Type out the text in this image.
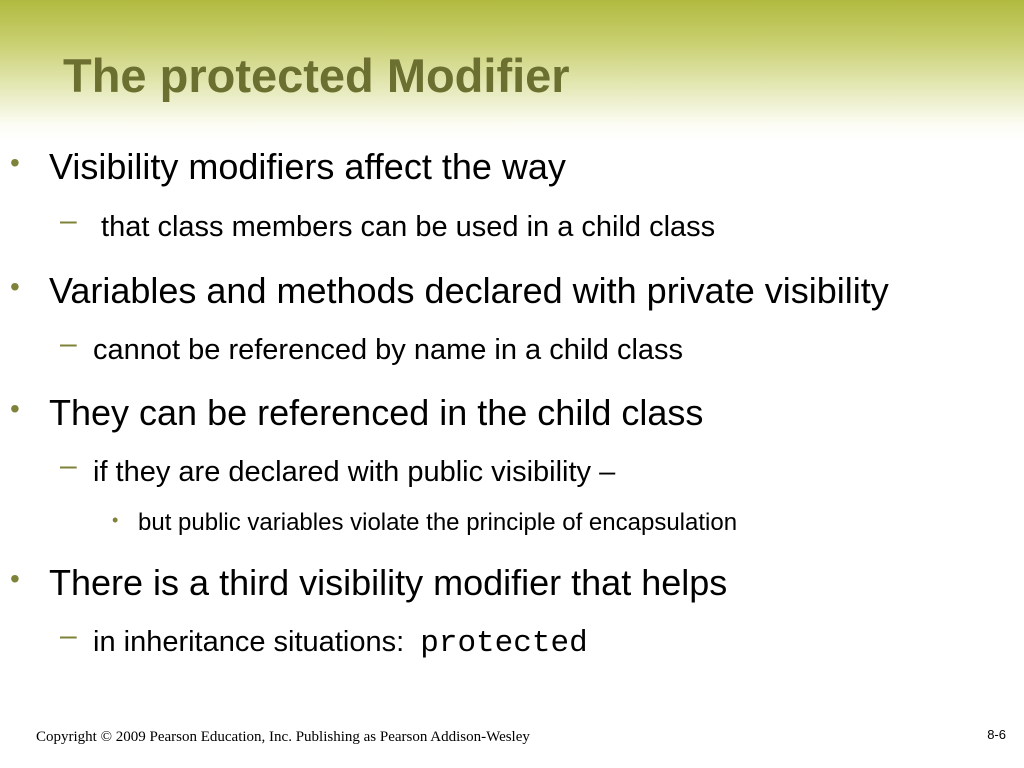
The protected Modifier
• Visibility modifiers affect the way
– that class members can be used in a child class
• Variables and methods declared with private visibility
– cannot be referenced by name in a child class
• They can be referenced in the child class
– if they are declared with public visibility –
• but public variables violate the principle of encapsulation
• There is a third visibility modifier that helps
– in inheritance situations:  protected
Copyright © 2009 Pearson Education, Inc. Publishing as Pearson Addison-Wesley	8-6
